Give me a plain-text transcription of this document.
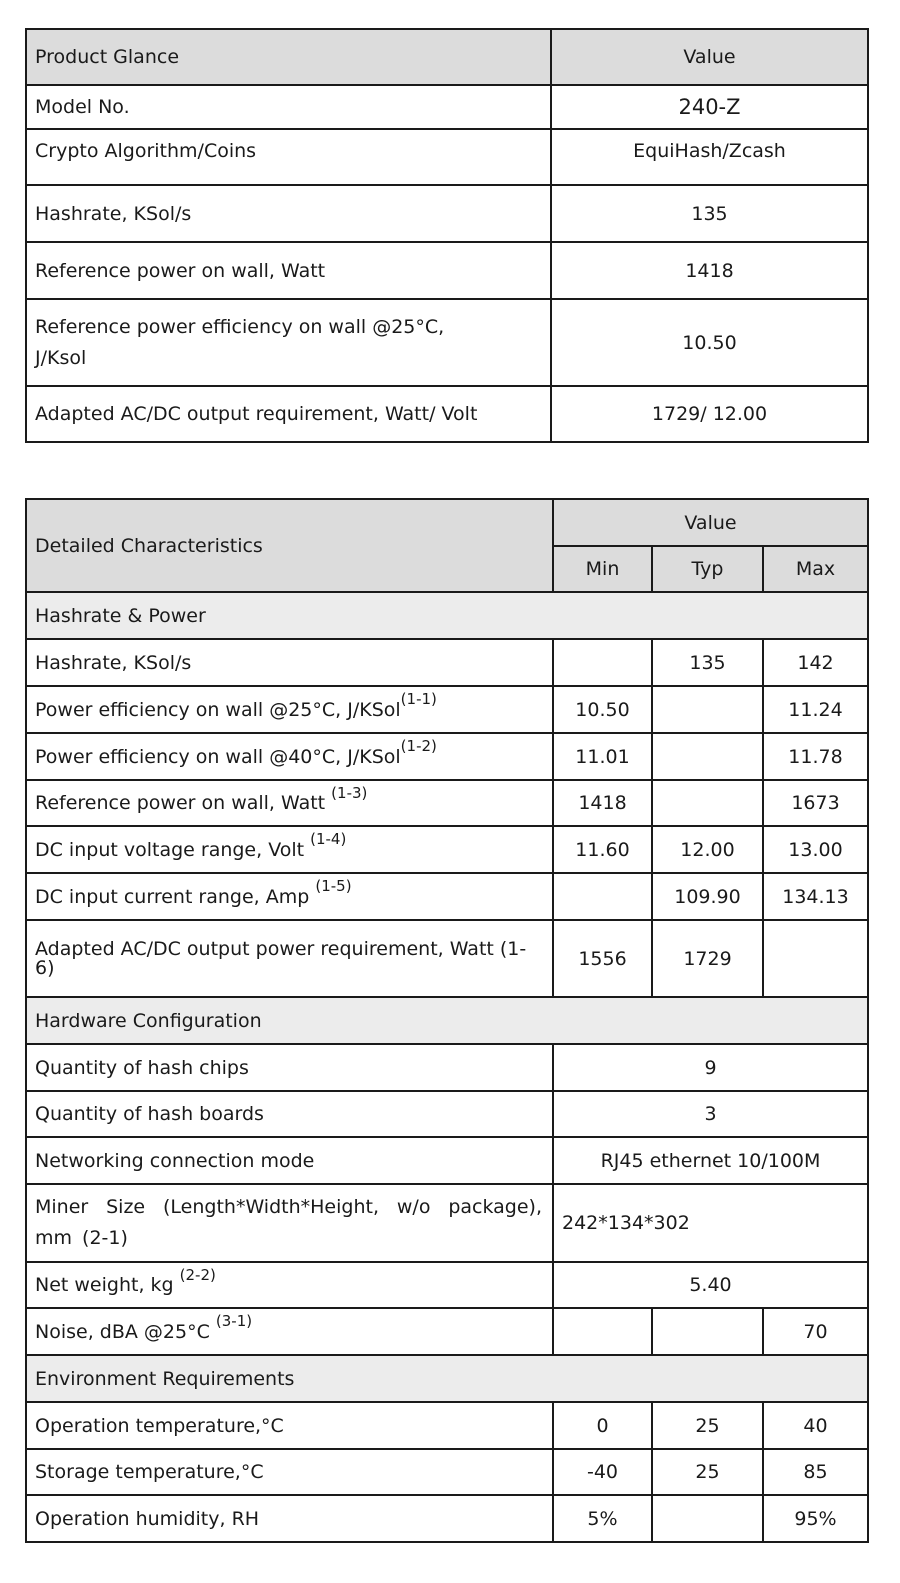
Product Glance	Value
Model No.	240-Z
Crypto Algorithm/Coins	EquiHash/Zcash
Hashrate, KSol/s	135
Reference power on wall, Watt	1418
Reference power efficiency on wall @25°C, J/Ksol	10.50
Adapted AC/DC output requirement, Watt/ Volt	1729/ 12.00
Detailed Characteristics	Value		
	Min	Typ	Max
Hashrate & Power			
Hashrate, KSol/s		135	142
Power efficiency on wall @25°C, J/KSol$^{(1-1)}$	10.50		11.24
Power efficiency on wall @40°C, J/KSol$^{(1-2)}$	11.01		11.78
Reference power on wall, Watt $^{(1-3)}$	1418		1673
DC input voltage range, Volt $^{(1-4)}$	11.60	12.00	13.00
DC input current range, Amp $^{(1-5)}$		109.90	134.13
Adapted AC/DC output power requirement, Watt (1-6)	1556	1729	
Hardware Configuration			
Quantity of hash chips	9		
Quantity of hash boards	3		
Networking connection mode	RJ45 ethernet 10/100M		
Miner Size (Length*Width*Height, w/o package), mm (2-1)	242*134*302		
Net weight, kg $^{(2-2)}$	5.40		
Noise, dBA @25°C $^{(3-1)}$			70
Environment Requirements			
Operation temperature,°C	0	25	40
Storage temperature,°C	-40	25	85
Operation humidity, RH	5%		95%
